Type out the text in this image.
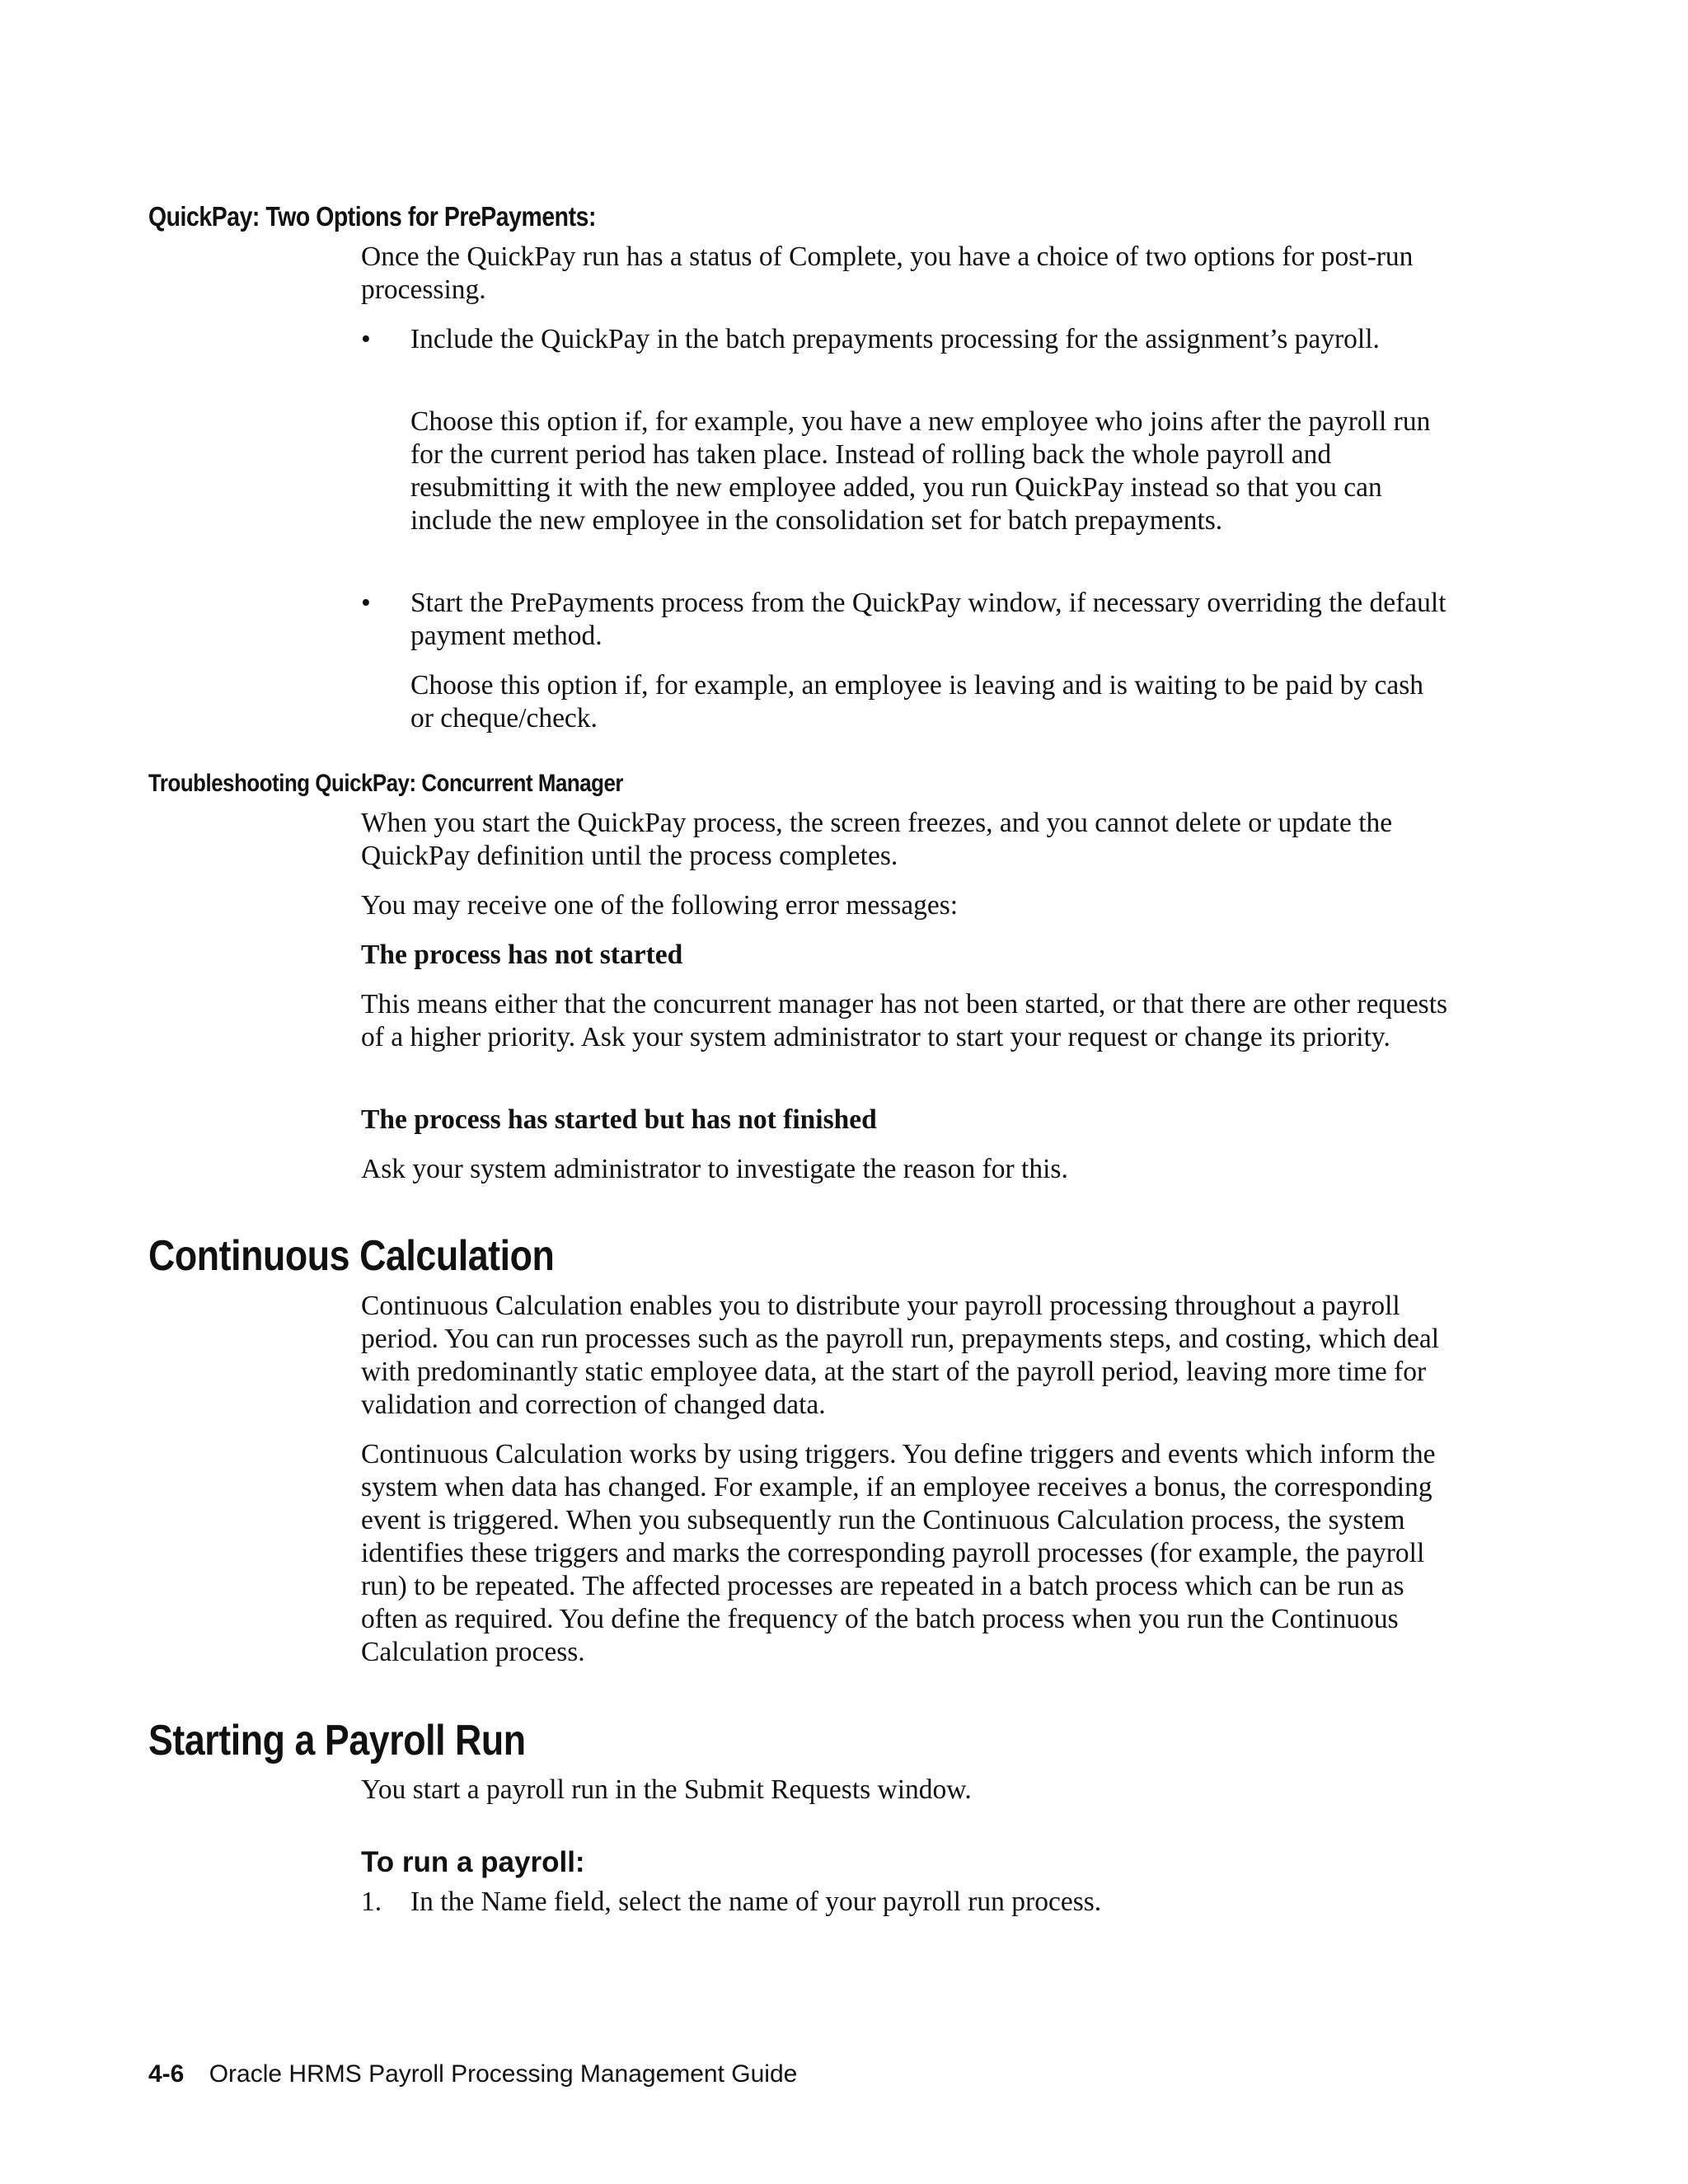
QuickPay: Two Options for PrePayments:

Once the QuickPay run has a status of Complete, you have a choice of two options for post-run processing.

• Include the QuickPay in the batch prepayments processing for the assignment’s payroll.

Choose this option if, for example, you have a new employee who joins after the payroll run for the current period has taken place. Instead of rolling back the whole payroll and resubmitting it with the new employee added, you run QuickPay instead so that you can include the new employee in the consolidation set for batch prepayments.

• Start the PrePayments process from the QuickPay window, if necessary overriding the default payment method.

Choose this option if, for example, an employee is leaving and is waiting to be paid by cash or cheque/check.

Troubleshooting QuickPay: Concurrent Manager

When you start the QuickPay process, the screen freezes, and you cannot delete or update the QuickPay definition until the process completes.

You may receive one of the following error messages:

The process has not started

This means either that the concurrent manager has not been started, or that there are other requests of a higher priority. Ask your system administrator to start your request or change its priority.

The process has started but has not finished

Ask your system administrator to investigate the reason for this.

Continuous Calculation

Continuous Calculation enables you to distribute your payroll processing throughout a payroll period. You can run processes such as the payroll run, prepayments steps, and costing, which deal with predominantly static employee data, at the start of the payroll period, leaving more time for validation and correction of changed data.

Continuous Calculation works by using triggers. You define triggers and events which inform the system when data has changed. For example, if an employee receives a bonus, the corresponding event is triggered. When you subsequently run the Continuous Calculation process, the system identifies these triggers and marks the corresponding payroll processes (for example, the payroll run) to be repeated. The affected processes are repeated in a batch process which can be run as often as required. You define the frequency of the batch process when you run the Continuous Calculation process.

Starting a Payroll Run

You start a payroll run in the Submit Requests window.

To run a payroll:
1. In the Name field, select the name of your payroll run process.

4-6 Oracle HRMS Payroll Processing Management Guide
